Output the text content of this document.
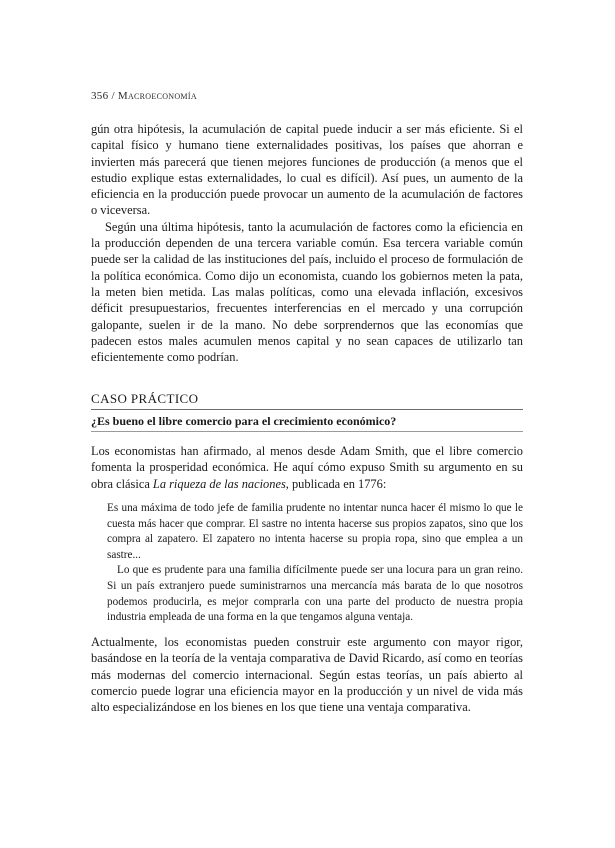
356 / Macroeconomía

gún otra hipótesis, la acumulación de capital puede inducir a ser más eficiente. Si el capital físico y humano tiene externalidades positivas, los países que ahorran e invierten más parecerá que tienen mejores funciones de producción (a menos que el estudio explique estas externalidades, lo cual es difícil). Así pues, un aumento de la eficiencia en la producción puede provocar un aumento de la acumulación de factores o viceversa.

Según una última hipótesis, tanto la acumulación de factores como la eficiencia en la producción dependen de una tercera variable común. Esa tercera variable común puede ser la calidad de las instituciones del país, incluido el proceso de formulación de la política económica. Como dijo un economista, cuando los gobiernos meten la pata, la meten bien metida. Las malas políticas, como una elevada inflación, excesivos déficit presupuestarios, frecuentes interferencias en el mercado y una corrupción galopante, suelen ir de la mano. No debe sorprendernos que las economías que padecen estos males acumulen menos capital y no sean capaces de utilizarlo tan eficientemente como podrían.

CASO PRÁCTICO
¿Es bueno el libre comercio para el crecimiento económico?

Los economistas han afirmado, al menos desde Adam Smith, que el libre comercio fomenta la prosperidad económica. He aquí cómo expuso Smith su argumento en su obra clásica La riqueza de las naciones, publicada en 1776:

Es una máxima de todo jefe de familia prudente no intentar nunca hacer él mismo lo que le cuesta más hacer que comprar. El sastre no intenta hacerse sus propios zapatos, sino que los compra al zapatero. El zapatero no intenta hacerse su propia ropa, sino que emplea a un sastre...

Lo que es prudente para una familia difícilmente puede ser una locura para un gran reino. Si un país extranjero puede suministrarnos una mercancía más barata de lo que nosotros podemos producirla, es mejor comprarla con una parte del producto de nuestra propia industria empleada de una forma en la que tengamos alguna ventaja.

Actualmente, los economistas pueden construir este argumento con mayor rigor, basándose en la teoría de la ventaja comparativa de David Ricardo, así como en teorías más modernas del comercio internacional. Según estas teorías, un país abierto al comercio puede lograr una eficiencia mayor en la producción y un nivel de vida más alto especializándose en los bienes en los que tiene una ventaja comparativa.
